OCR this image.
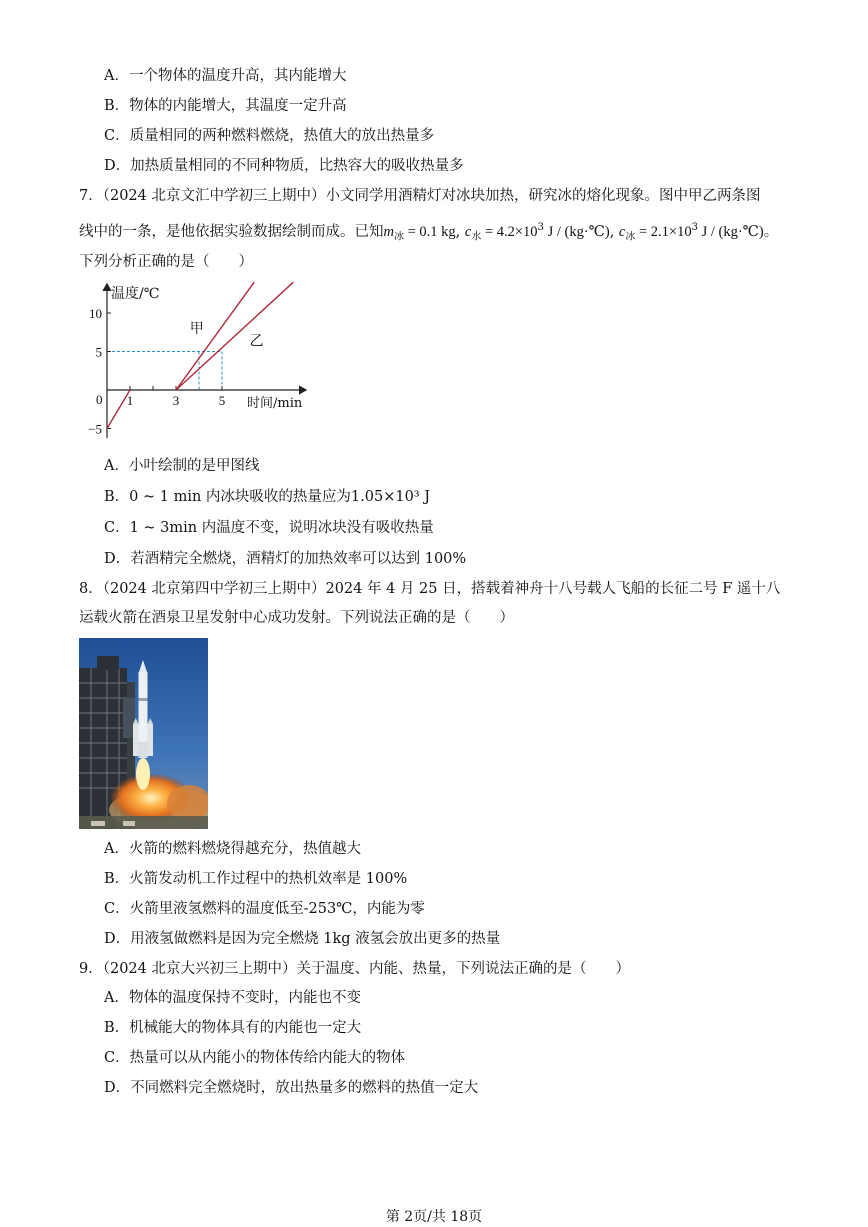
A．一个物体的温度升高，其内能增大
B．物体的内能增大，其温度一定升高
C．质量相同的两种燃料燃烧，热值大的放出热量多
D．加热质量相同的不同种物质，比热容大的吸收热量多
7．（2024 北京文汇中学初三上期中）小文同学用酒精灯对冰块加热，研究冰的熔化现象。图中甲乙两条图
线中的一条，是他依据实验数据绘制而成。已知$m_冰 = 0.1$ kg, $c_水 = 4.2\times 10^3$ J / (kg·℃), $c_冰 = 2.1\times 10^3$ J / (kg·℃)。
下列分析正确的是（　　）
10
5
−5
1	3	5
甲
乙
温度/℃
时间/min
0
A．小叶绘制的是甲图线
B．0 ~ 1 min 内冰块吸收的热量应为1.05×10³ J
C．1 ~ 3min 内温度不变，说明冰块没有吸收热量
D．若酒精完全燃烧，酒精灯的加热效率可以达到 100%
8．（2024 北京第四中学初三上期中）2024 年 4 月 25 日，搭载着神舟十八号载人飞船的长征二号 F 遥十八
运载火箭在酒泉卫星发射中心成功发射。下列说法正确的是（　　）
A．火箭的燃料燃烧得越充分，热值越大
B．火箭发动机工作过程中的热机效率是 100%
C．火箭里液氢燃料的温度低至-253℃，内能为零
D．用液氢做燃料是因为完全燃烧 1kg 液氢会放出更多的热量
9．（2024 北京大兴初三上期中）关于温度、内能、热量，下列说法正确的是（　　）
A．物体的温度保持不变时，内能也不变
B．机械能大的物体具有的内能也一定大
C．热量可以从内能小的物体传给内能大的物体
D．不同燃料完全燃烧时，放出热量多的燃料的热值一定大
第 2页/共 18页
